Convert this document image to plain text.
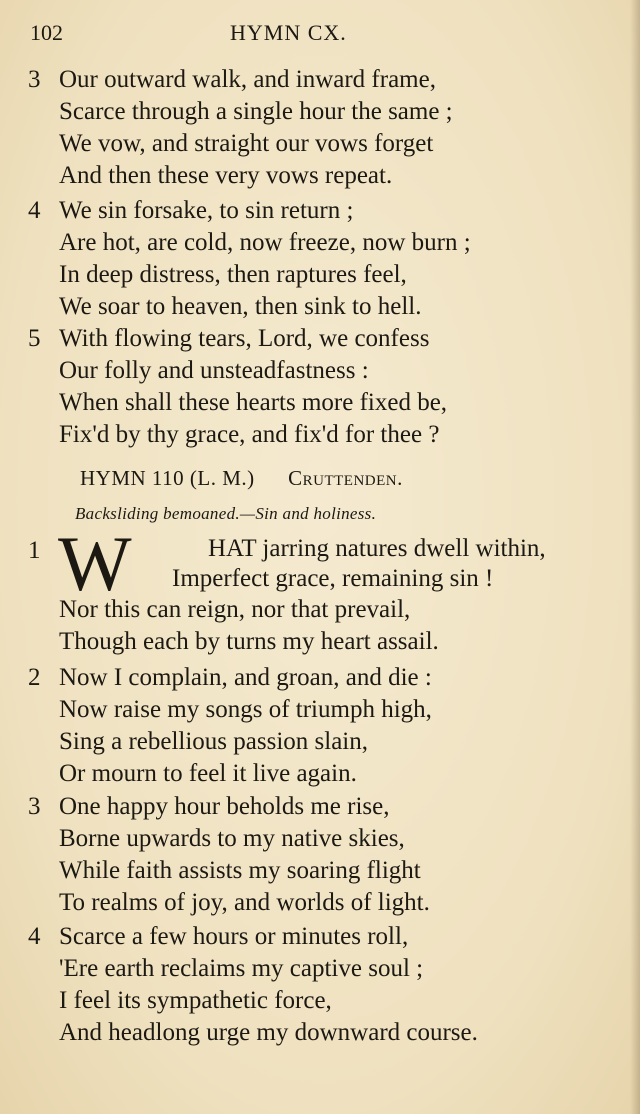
102	HYMN CX.
3 Our outward walk, and inward frame,
Scarce through a single hour the same ;
We vow, and straight our vows forget
And then these very vows repeat.
4 We sin forsake, to sin return ;
Are hot, are cold, now freeze, now burn ;
In deep distress, then raptures feel,
We soar to heaven, then sink to hell.
5 With flowing tears, Lord, we confess
Our folly and unsteadfastness :
When shall these hearts more fixed be,
Fix'd by thy grace, and fix'd for thee ?
HYMN 110 (L. M.) Cruttenden.
Backsliding bemoaned.—Sin and holiness.
1	HAT jarring natures dwell within,
Imperfect grace, remaining sin !
Nor this can reign, nor that prevail,
Though each by turns my heart assail.
W
2 Now I complain, and groan, and die :
Now raise my songs of triumph high,
Sing a rebellious passion slain,
Or mourn to feel it live again.
3 One happy hour beholds me rise,
Borne upwards to my native skies,
While faith assists my soaring flight
To realms of joy, and worlds of light.
4 Scarce a few hours or minutes roll,
'Ere earth reclaims my captive soul ;
I feel its sympathetic force,
And headlong urge my downward course.
